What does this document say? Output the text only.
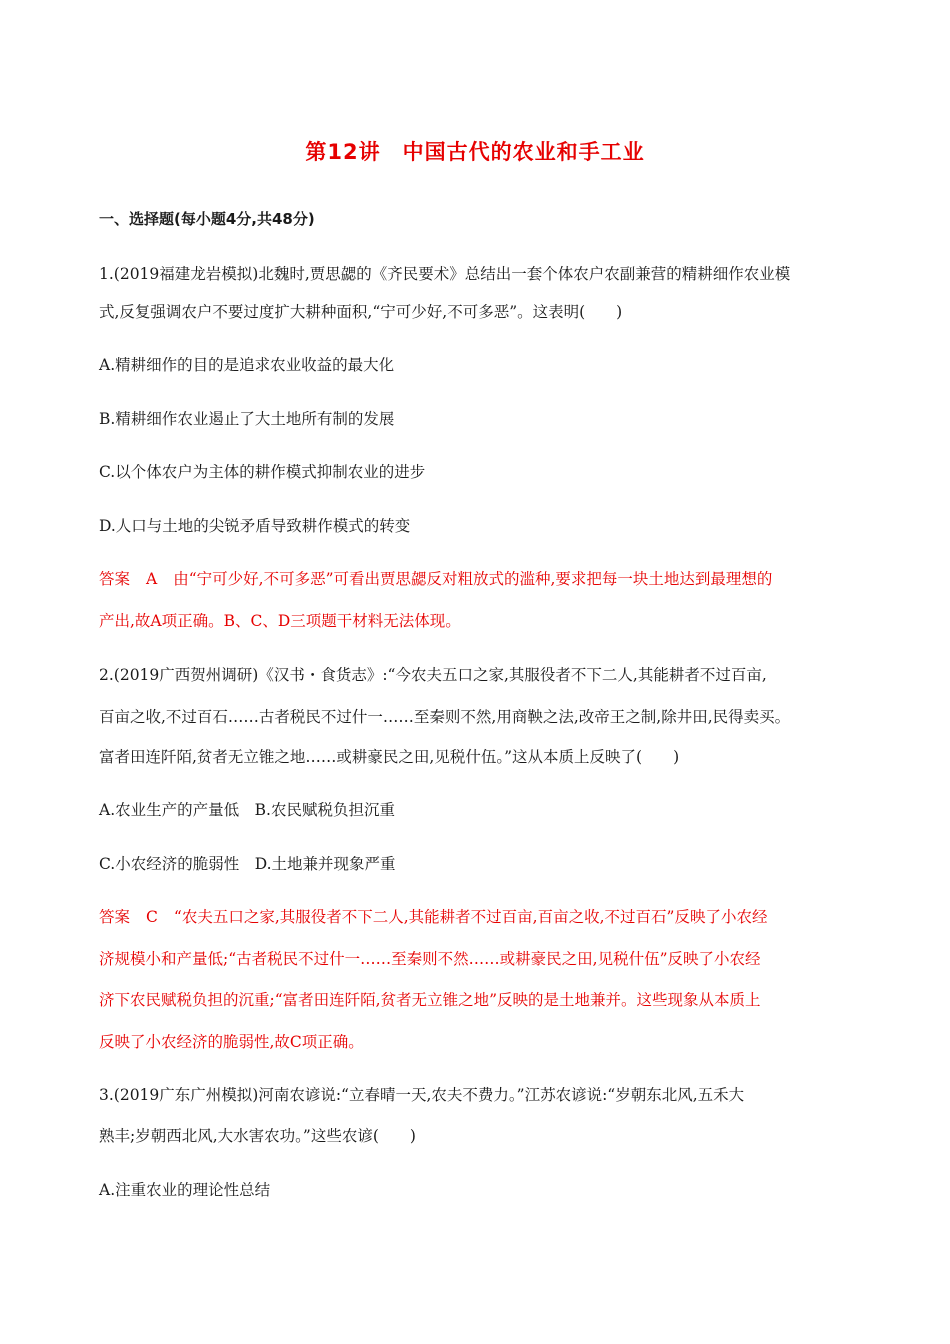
第12讲 中国古代的农业和手工业
一、选择题(每小题4分,共48分)
1.(2019福建龙岩模拟)北魏时,贾思勰的《齐民要术》总结出一套个体农户农副兼营的精耕细作农业模
式,反复强调农户不要过度扩大耕种面积,“宁可少好,不可多恶”。这表明(　　)
A.精耕细作的目的是追求农业收益的最大化
B.精耕细作农业遏止了大土地所有制的发展
C.以个体农户为主体的耕作模式抑制农业的进步
D.人口与土地的尖锐矛盾导致耕作模式的转变
答案 A 由“宁可少好,不可多恶”可看出贾思勰反对粗放式的滥种,要求把每一块土地达到最理想的
产出,故A项正确。B、C、D三项题干材料无法体现。
2.(2019广西贺州调研)《汉书・食货志》:“今农夫五口之家,其服役者不下二人,其能耕者不过百亩,
百亩之收,不过百石……古者税民不过什一……至秦则不然,用商鞅之法,改帝王之制,除井田,民得卖买。
富者田连阡陌,贫者无立锥之地……或耕豪民之田,见税什伍。”这从本质上反映了(　　)
A.农业生产的产量低　B.农民赋税负担沉重
C.小农经济的脆弱性　D.土地兼并现象严重
答案 C “农夫五口之家,其服役者不下二人,其能耕者不过百亩,百亩之收,不过百石”反映了小农经
济规模小和产量低;“古者税民不过什一……至秦则不然……或耕豪民之田,见税什伍”反映了小农经
济下农民赋税负担的沉重;“富者田连阡陌,贫者无立锥之地”反映的是土地兼并。这些现象从本质上
反映了小农经济的脆弱性,故C项正确。
3.(2019广东广州模拟)河南农谚说:“立春晴一天,农夫不费力。”江苏农谚说:“岁朝东北风,五禾大
熟丰;岁朝西北风,大水害农功。”这些农谚(　　)
A.注重农业的理论性总结
